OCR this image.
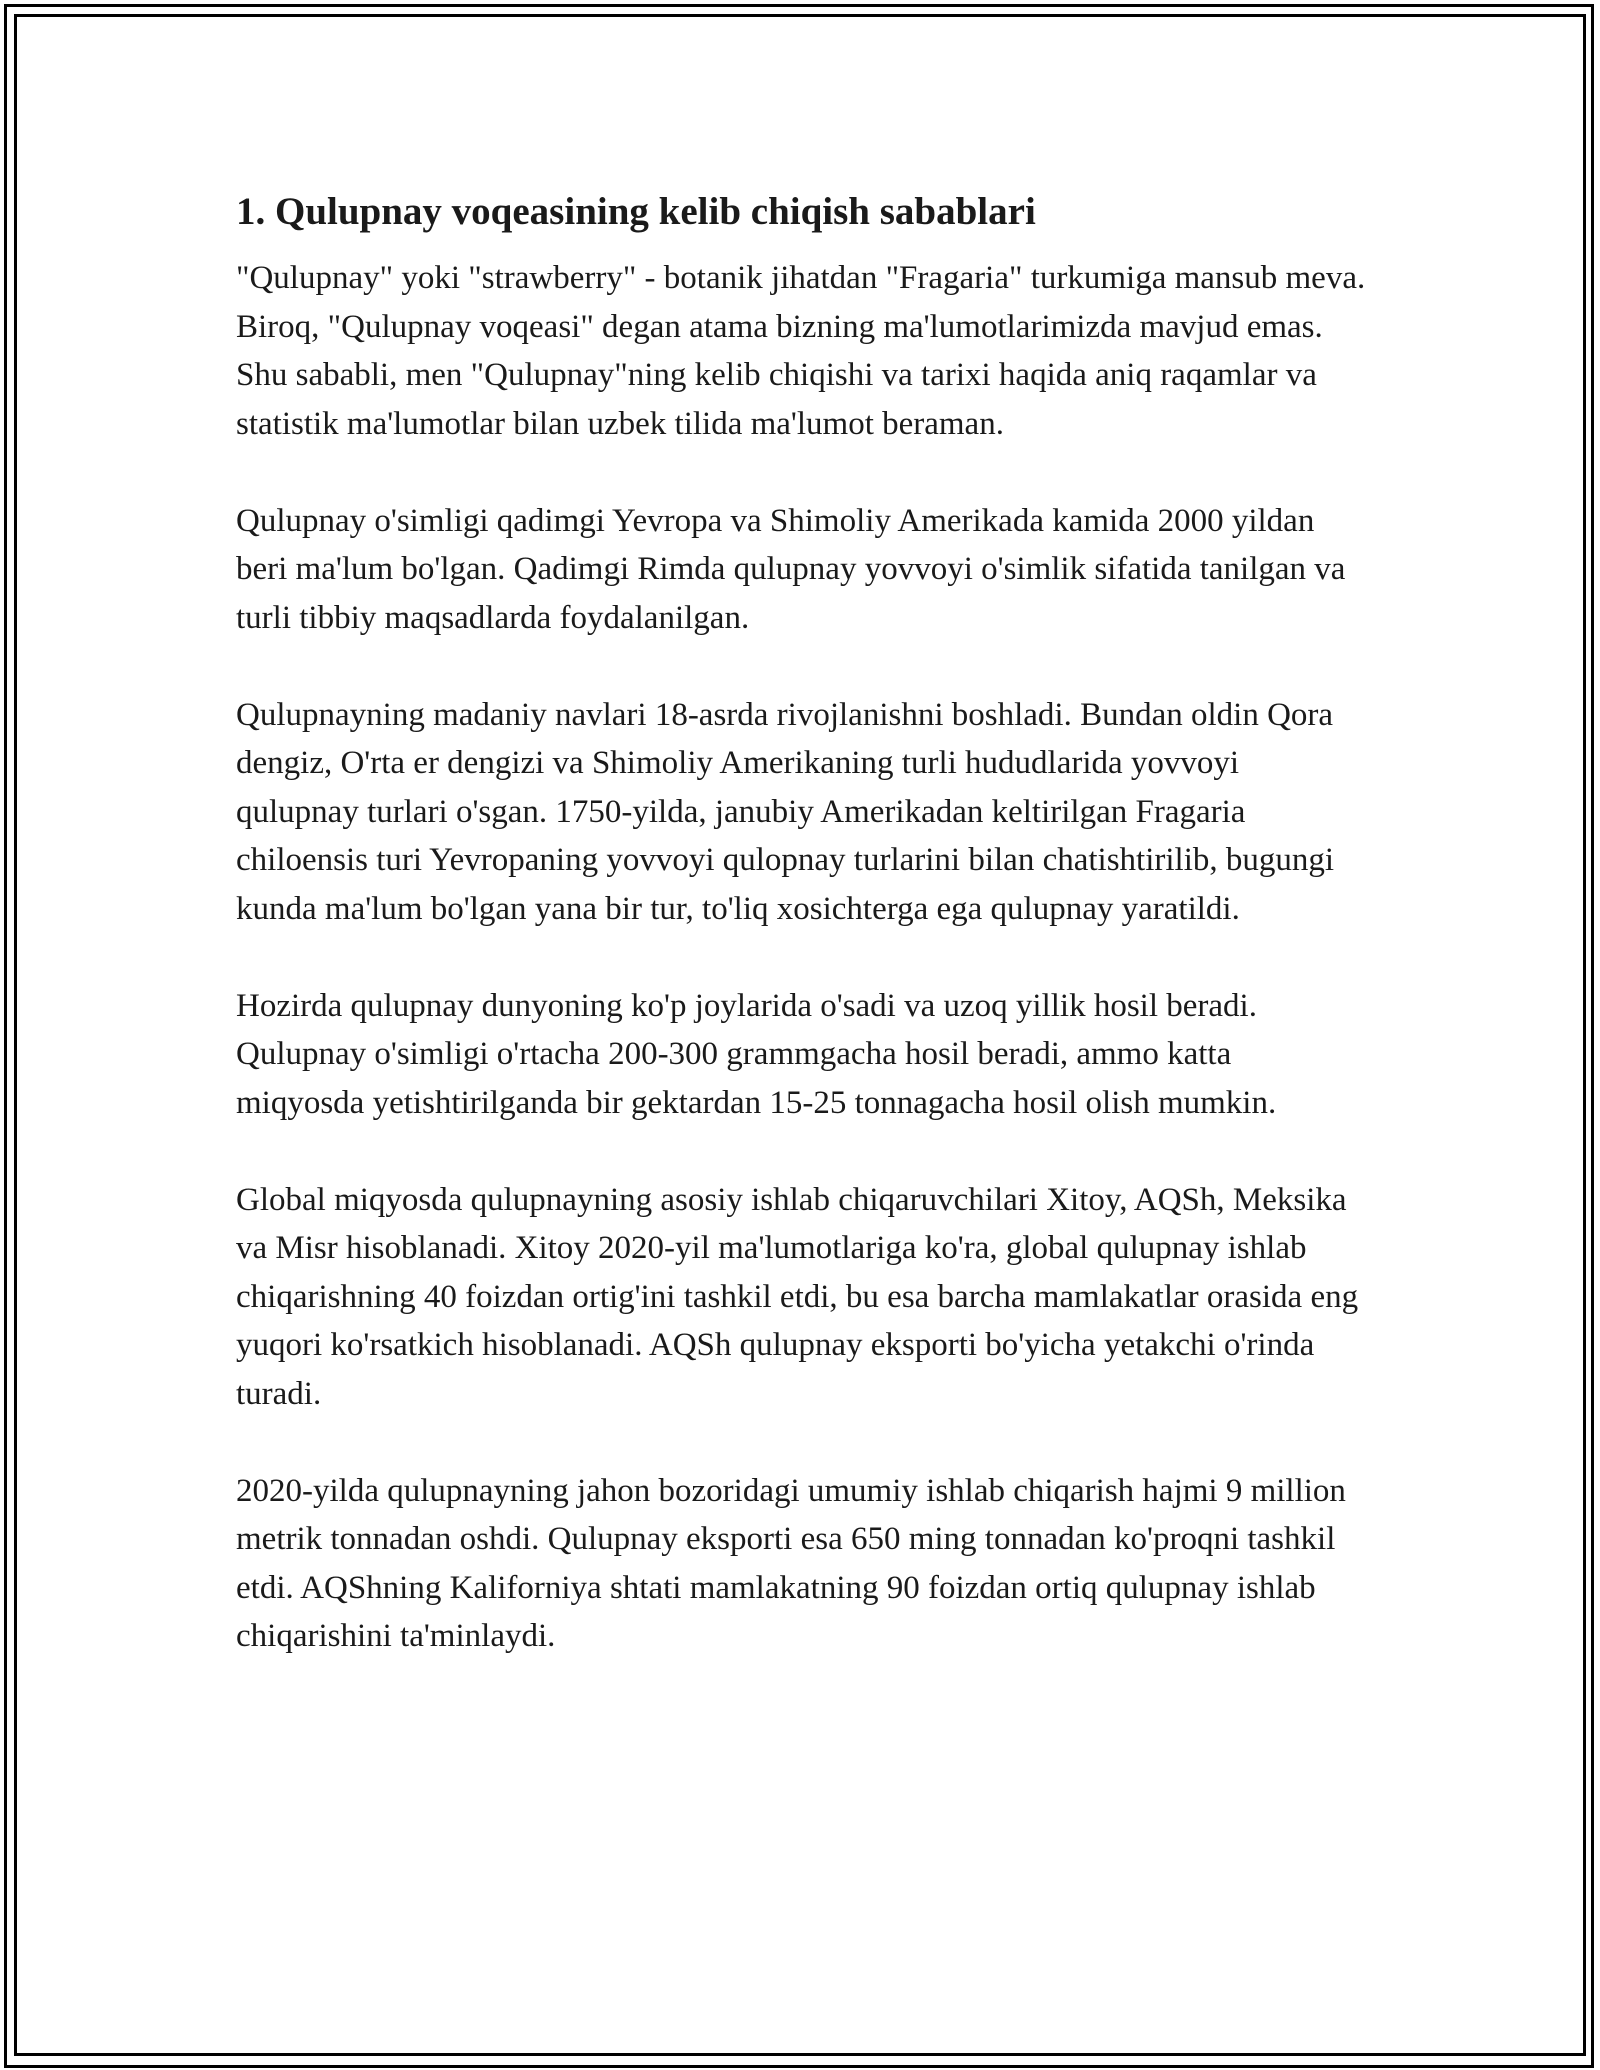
1. Qulupnay voqeasining kelib chiqish sabablari

"Qulupnay" yoki "strawberry" - botanik jihatdan "Fragaria" turkumiga mansub meva. Biroq, "Qulupnay voqeasi" degan atama bizning ma'lumotlarimizda mavjud emas. Shu sababli, men "Qulupnay"ning kelib chiqishi va tarixi haqida aniq raqamlar va statistik ma'lumotlar bilan uzbek tilida ma'lumot beraman.

Qulupnay o'simligi qadimgi Yevropa va Shimoliy Amerikada kamida 2000 yildan beri ma'lum bo'lgan. Qadimgi Rimda qulupnay yovvoyi o'simlik sifatida tanilgan va turli tibbiy maqsadlarda foydalanilgan.

Qulupnayning madaniy navlari 18-asrda rivojlanishni boshladi. Bundan oldin Qora dengiz, O'rta er dengizi va Shimoliy Amerikaning turli hududlarida yovvoyi qulupnay turlari o'sgan. 1750-yilda, janubiy Amerikadan keltirilgan Fragaria chiloensis turi Yevropaning yovvoyi qulopnay turlarini bilan chatishtirilib, bugungi kunda ma'lum bo'lgan yana bir tur, to'liq xosichterga ega qulupnay yaratildi.

Hozirda qulupnay dunyoning ko'p joylarida o'sadi va uzoq yillik hosil beradi. Qulupnay o'simligi o'rtacha 200-300 grammgacha hosil beradi, ammo katta miqyosda yetishtirilganda bir gektardan 15-25 tonnagacha hosil olish mumkin.

Global miqyosda qulupnayning asosiy ishlab chiqaruvchilari Xitoy, AQSh, Meksika va Misr hisoblanadi. Xitoy 2020-yil ma'lumotlariga ko'ra, global qulupnay ishlab chiqarishning 40 foizdan ortig'ini tashkil etdi, bu esa barcha mamlakatlar orasida eng yuqori ko'rsatkich hisoblanadi. AQSh qulupnay eksporti bo'yicha yetakchi o'rinda turadi.

2020-yilda qulupnayning jahon bozoridagi umumiy ishlab chiqarish hajmi 9 million metrik tonnadan oshdi. Qulupnay eksporti esa 650 ming tonnadan ko'proqni tashkil etdi. AQShning Kaliforniya shtati mamlakatning 90 foizdan ortiq qulupnay ishlab chiqarishini ta'minlaydi.
